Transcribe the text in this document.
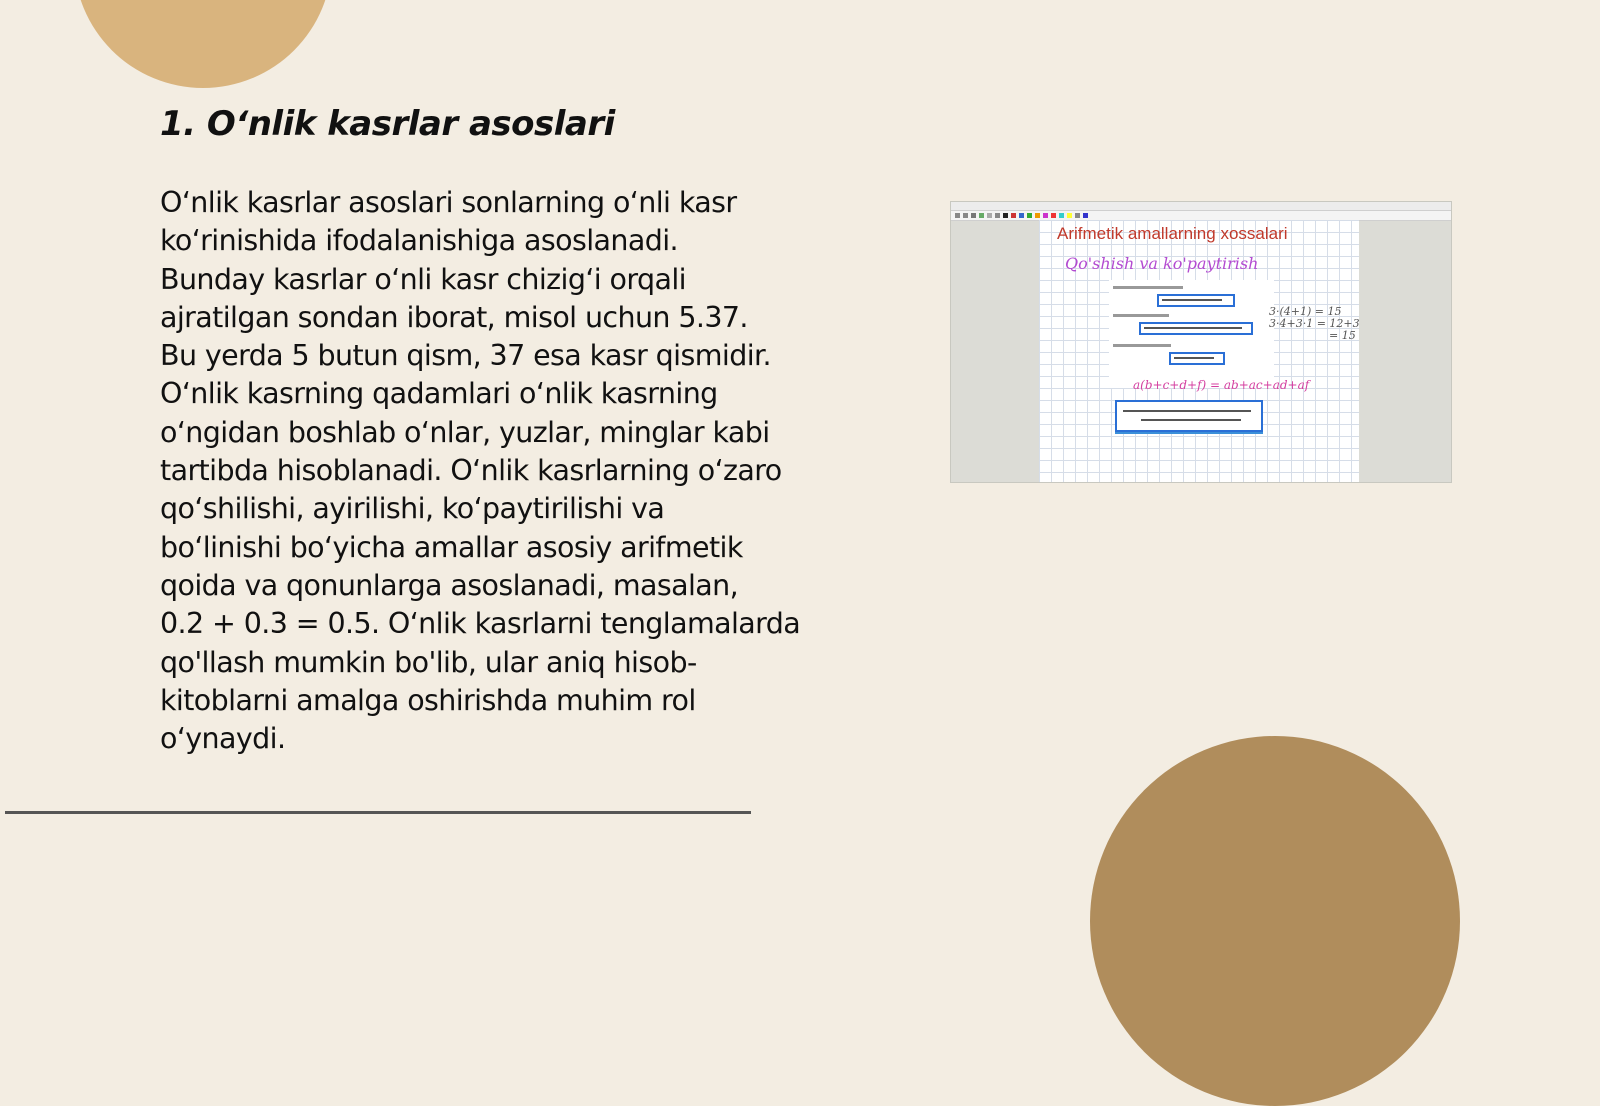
1. O‘nlik kasrlar asoslari

O‘nlik kasrlar asoslari sonlarning o‘nli kasr
ko‘rinishida ifodalanishiga asoslanadi.
Bunday kasrlar o‘nli kasr chizig‘i orqali
ajratilgan sondan iborat, misol uchun 5.37.
Bu yerda 5 butun qism, 37 esa kasr qismidir.
O‘nlik kasrning qadamlari o‘nlik kasrning
o‘ngidan boshlab o‘nlar, yuzlar, minglar kabi
tartibda hisoblanadi. O‘nlik kasrlarning o‘zaro
qo‘shilishi, ayirilishi, ko‘paytirilishi va
bo‘linishi bo‘yicha amallar asosiy arifmetik
qoida va qonunlarga asoslanadi, masalan,
0.2 + 0.3 = 0.5. O‘nlik kasrlarni tenglamalarda
qo'llash mumkin bo'lib, ular aniq hisob-
kitoblarni amalga oshirishda muhim rol
o‘ynaydi.

Arifmetik amallarning xossalari
Qo'shish va ko'paytirish
3·(4+1) = 15
3·4+3·1 = 12+3
= 15
a(b+c+d+f) = ab+ac+ad+af
